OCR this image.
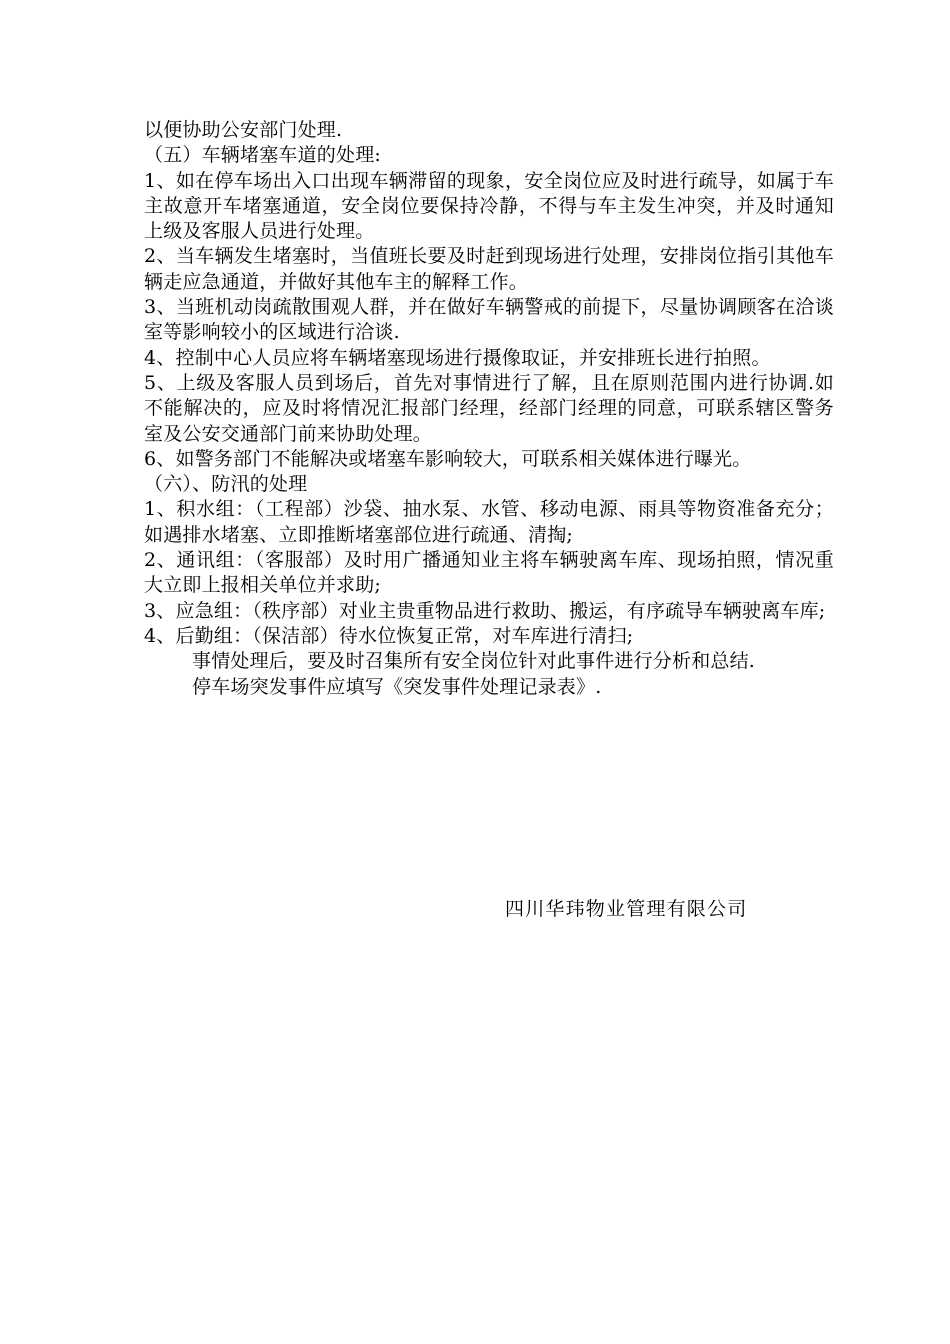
以便协助公安部门处理.

（五）车辆堵塞车道的处理:

1、如在停车场出入口出现车辆滞留的现象，安全岗位应及时进行疏导，如属于车主故意开车堵塞通道，安全岗位要保持冷静，不得与车主发生冲突，并及时通知上级及客服人员进行处理。

2、当车辆发生堵塞时，当值班长要及时赶到现场进行处理，安排岗位指引其他车辆走应急通道，并做好其他车主的解释工作。

3、当班机动岗疏散围观人群，并在做好车辆警戒的前提下，尽量协调顾客在洽谈室等影响较小的区域进行洽谈.

4、控制中心人员应将车辆堵塞现场进行摄像取证，并安排班长进行拍照。

5、上级及客服人员到场后，首先对事情进行了解，且在原则范围内进行协调.如不能解决的，应及时将情况汇报部门经理，经部门经理的同意，可联系辖区警务室及公安交通部门前来协助处理。

6、如警务部门不能解决或堵塞车影响较大，可联系相关媒体进行曝光。

（六）、防汛的处理

1、积水组：（工程部）沙袋、抽水泵、水管、移动电源、雨具等物资准备充分；如遇排水堵塞、立即推断堵塞部位进行疏通、清掏;

2、通讯组：（客服部）及时用广播通知业主将车辆驶离车库、现场拍照，情况重大立即上报相关单位并求助;

3、应急组：（秩序部）对业主贵重物品进行救助、搬运，有序疏导车辆驶离车库;

4、后勤组：（保洁部）待水位恢复正常，对车库进行清扫;

事情处理后，要及时召集所有安全岗位针对此事件进行分析和总结.

停车场突发事件应填写《突发事件处理记录表》.

四川华玮物业管理有限公司
